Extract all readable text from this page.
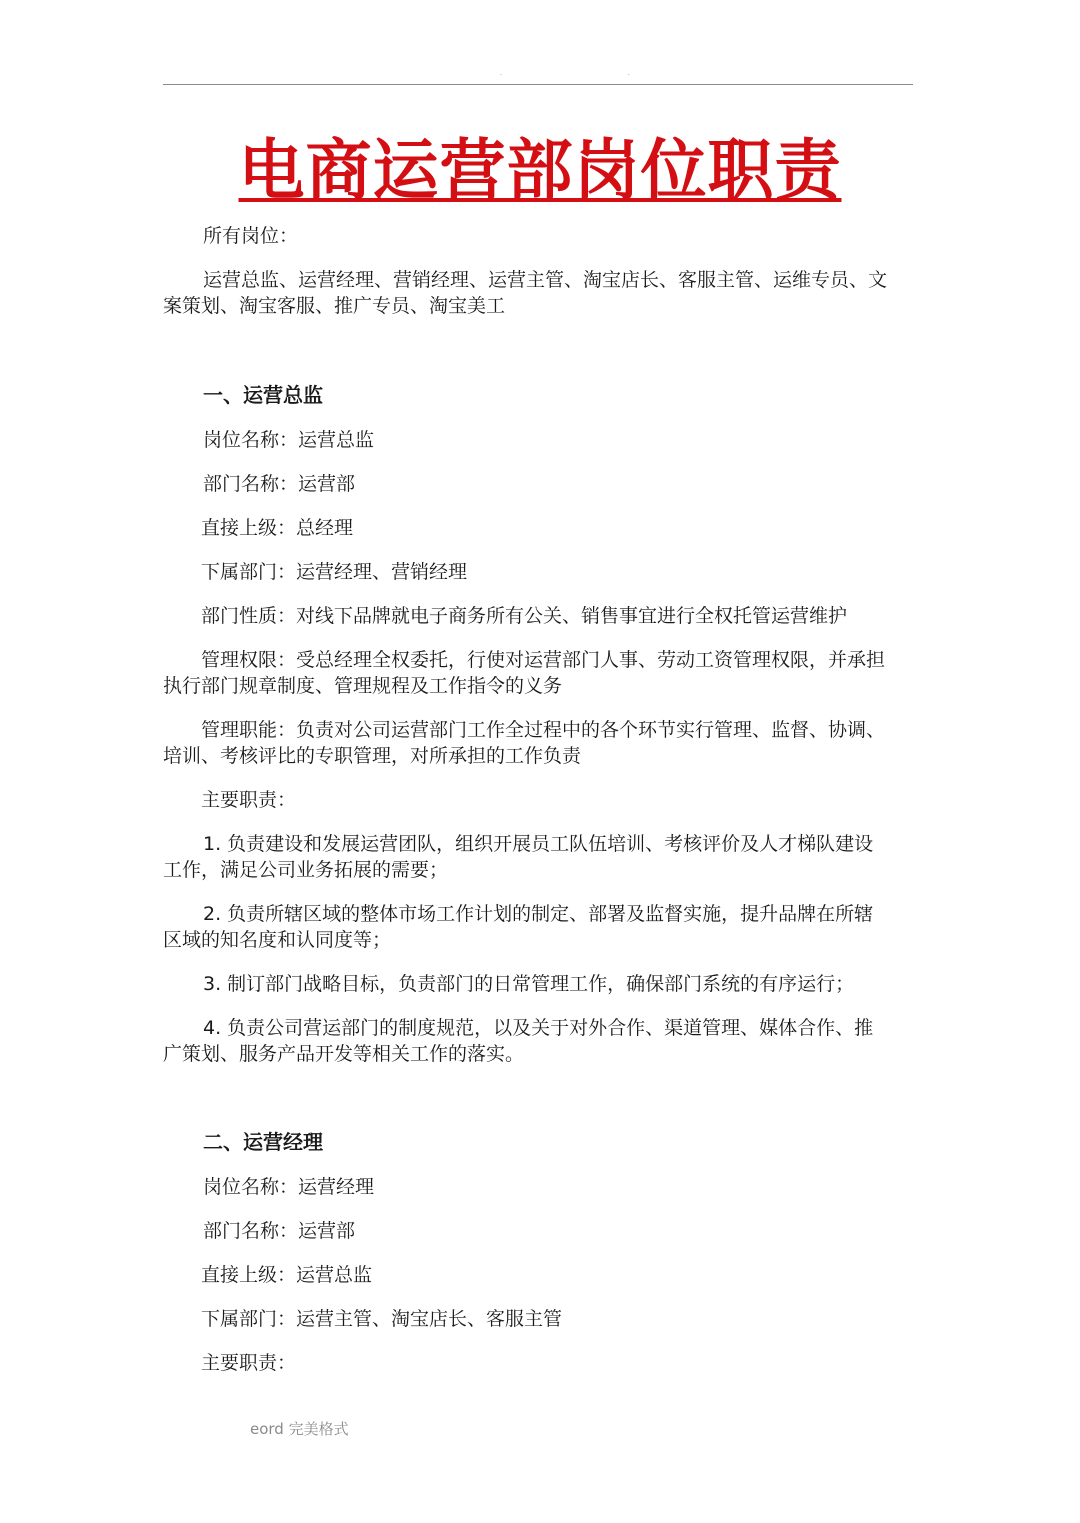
. .
电商运营部岗位职责
所有岗位：
运营总监、运营经理、营销经理、运营主管、淘宝店长、客服主管、运维专员、文
案策划、淘宝客服、推广专员、淘宝美工
一、运营总监
岗位名称：运营总监
部门名称：运营部
直接上级：总经理
下属部门：运营经理、营销经理
部门性质：对线下品牌就电子商务所有公关、销售事宜进行全权托管运营维护
管理权限：受总经理全权委托，行使对运营部门人事、劳动工资管理权限，并承担
执行部门规章制度、管理规程及工作指令的义务
管理职能：负责对公司运营部门工作全过程中的各个环节实行管理、监督、协调、
培训、考核评比的专职管理，对所承担的工作负责
主要职责：
1. 负责建设和发展运营团队，组织开展员工队伍培训、考核评价及人才梯队建设
工作，满足公司业务拓展的需要；
2. 负责所辖区域的整体市场工作计划的制定、部署及监督实施，提升品牌在所辖
区域的知名度和认同度等；
3. 制订部门战略目标，负责部门的日常管理工作，确保部门系统的有序运行；
4. 负责公司营运部门的制度规范，以及关于对外合作、渠道管理、媒体合作、推
广策划、服务产品开发等相关工作的落实。
二、运营经理
岗位名称：运营经理
部门名称：运营部
直接上级：运营总监
下属部门：运营主管、淘宝店长、客服主管
主要职责：
eord 完美格式
